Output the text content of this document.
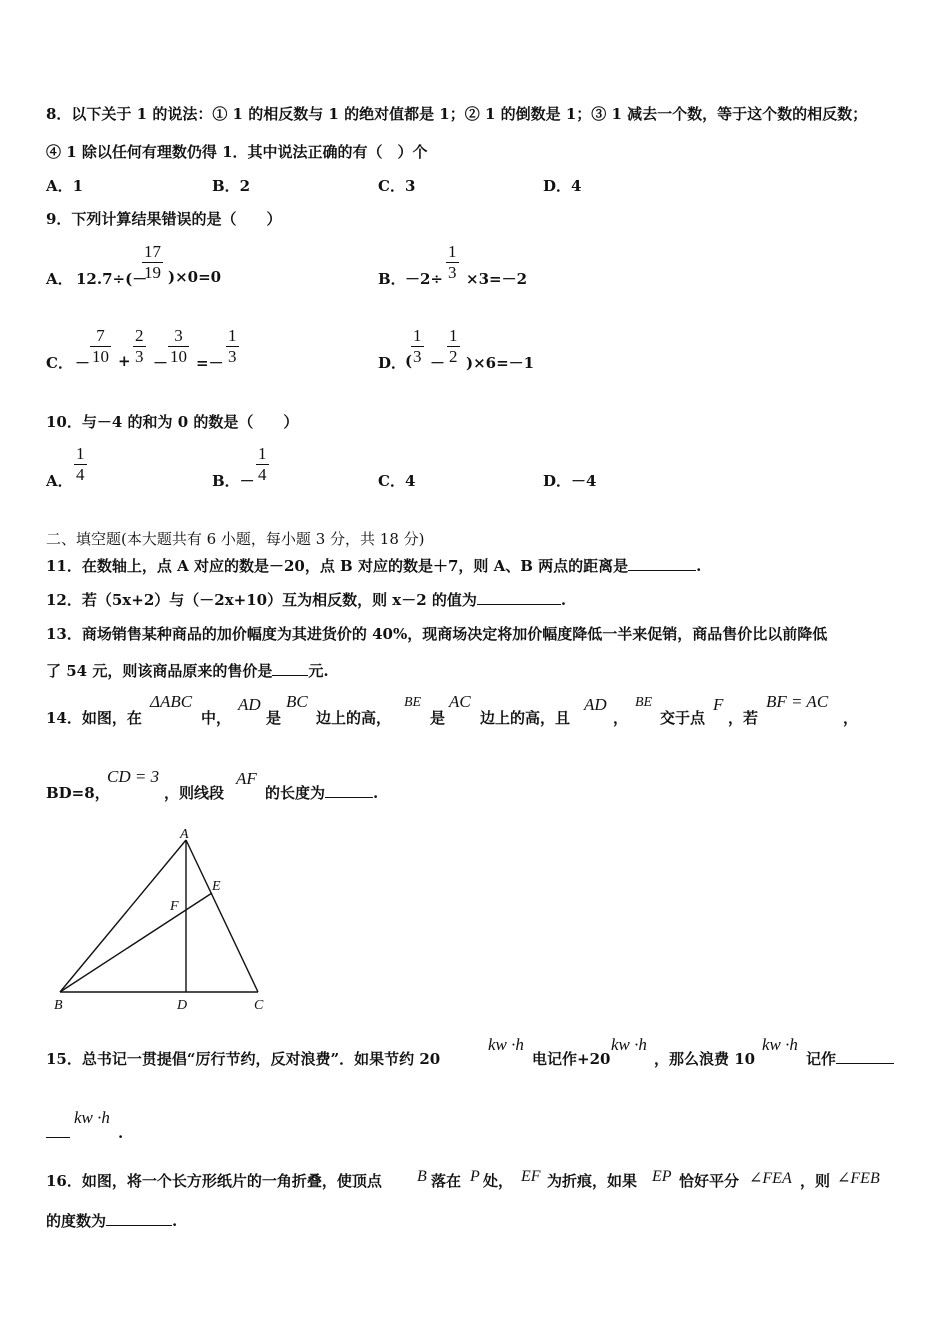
8．以下关于 1 的说法：① 1 的相反数与 1 的绝对值都是 1；② 1 的倒数是 1；③ 1 减去一个数，等于这个数的相反数；
④ 1 除以任何有理数仍得 1．其中说法正确的有（　）个
A．1	B．2	C．3	D．4
9．下列计算结果错误的是（　　）
A． 12.7÷(－
17
19 )×0=0	B． －2÷
1
3 ×3=－2
C． －
7
10 +
2
3 －
3
10 =－
1
3	D．
(
1
3 －
1
2 )×6=－1
10．与－4 的和为 0 的数是（　　）
A．
1
4	B．－
1
4	C．4	D．－4
二、填空题(本大题共有 6 小题，每小题 3 分，共 18 分)
11．在数轴上，点 A 对应的数是－20，点 B 对应的数是＋7，则 A、B 两点的距离是	.
12．若（5x+2）与（－2x+10）互为相反数，则 x－2 的值为	.
13．商场销售某种商品的加价幅度为其进货价的 40%，现商场决定将加价幅度降低一半来促销，商品售价比以前降低
了 54 元，则该商品原来的售价是 元.
14．如图，在
ΔABC
中，
AD
是
BC
边上的高，
BE
是
AC
边上的高，且
AD
，
BE
交于点
F
，若
BF = AC
，
BD=8，
CD = 3
，则线段
AF
的长度为	.
A
E
F
B	D	C
15．总书记一贯提倡“厉行节约，反对浪费”．如果节约 20
kw ·h
电记作+20
kw ·h
，那么浪费 10
kw ·h
记作
kw ·h
.
16．如图，将一个长方形纸片的一角折叠，使顶点 B 落在 P 处， EF 为折痕，如果 EP 恰好平分 ∠FEA ，则 ∠FEB
的度数为	.
